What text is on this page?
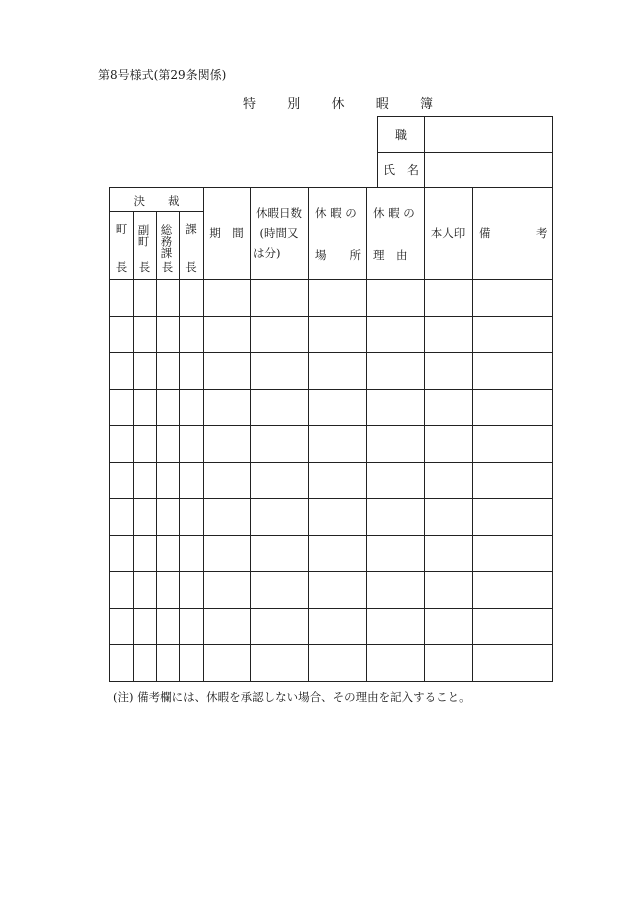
第8号様式(第29条関係)
特 別 休 暇 簿
職
氏　名
決　　裁
町
長
副町
長
総務課
長
課
長
期　間
休暇日数
(時間又
は分)
休 暇 の
場　　所
休 暇 の
理　由
本人印	備	考
(注) 備考欄には、休暇を承認しない場合、その理由を記入すること。
